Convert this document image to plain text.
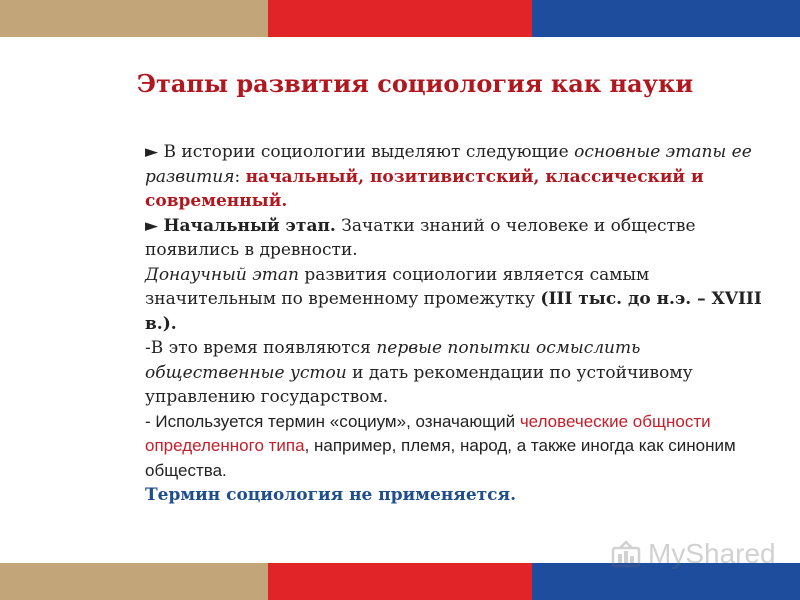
Этапы развития социология как науки

► В истории социологии выделяют следующие основные этапы ее развития: начальный, позитивистский, классический и современный.

► Начальный этап. Зачатки знаний о человеке и обществе появились в древности.

Донаучный этап развития социологии является самым значительным по временному промежутку (III тыс. до н.э. – XVIII в.).

-В это время появляются первые попытки осмыслить общественные устои и дать рекомендации по устойчивому управлению государством.

- Используется термин «социум», означающий человеческие общности определенного типа, например, племя, народ, а также иногда как синоним общества.

Термин социология не применяется.

MyShared
